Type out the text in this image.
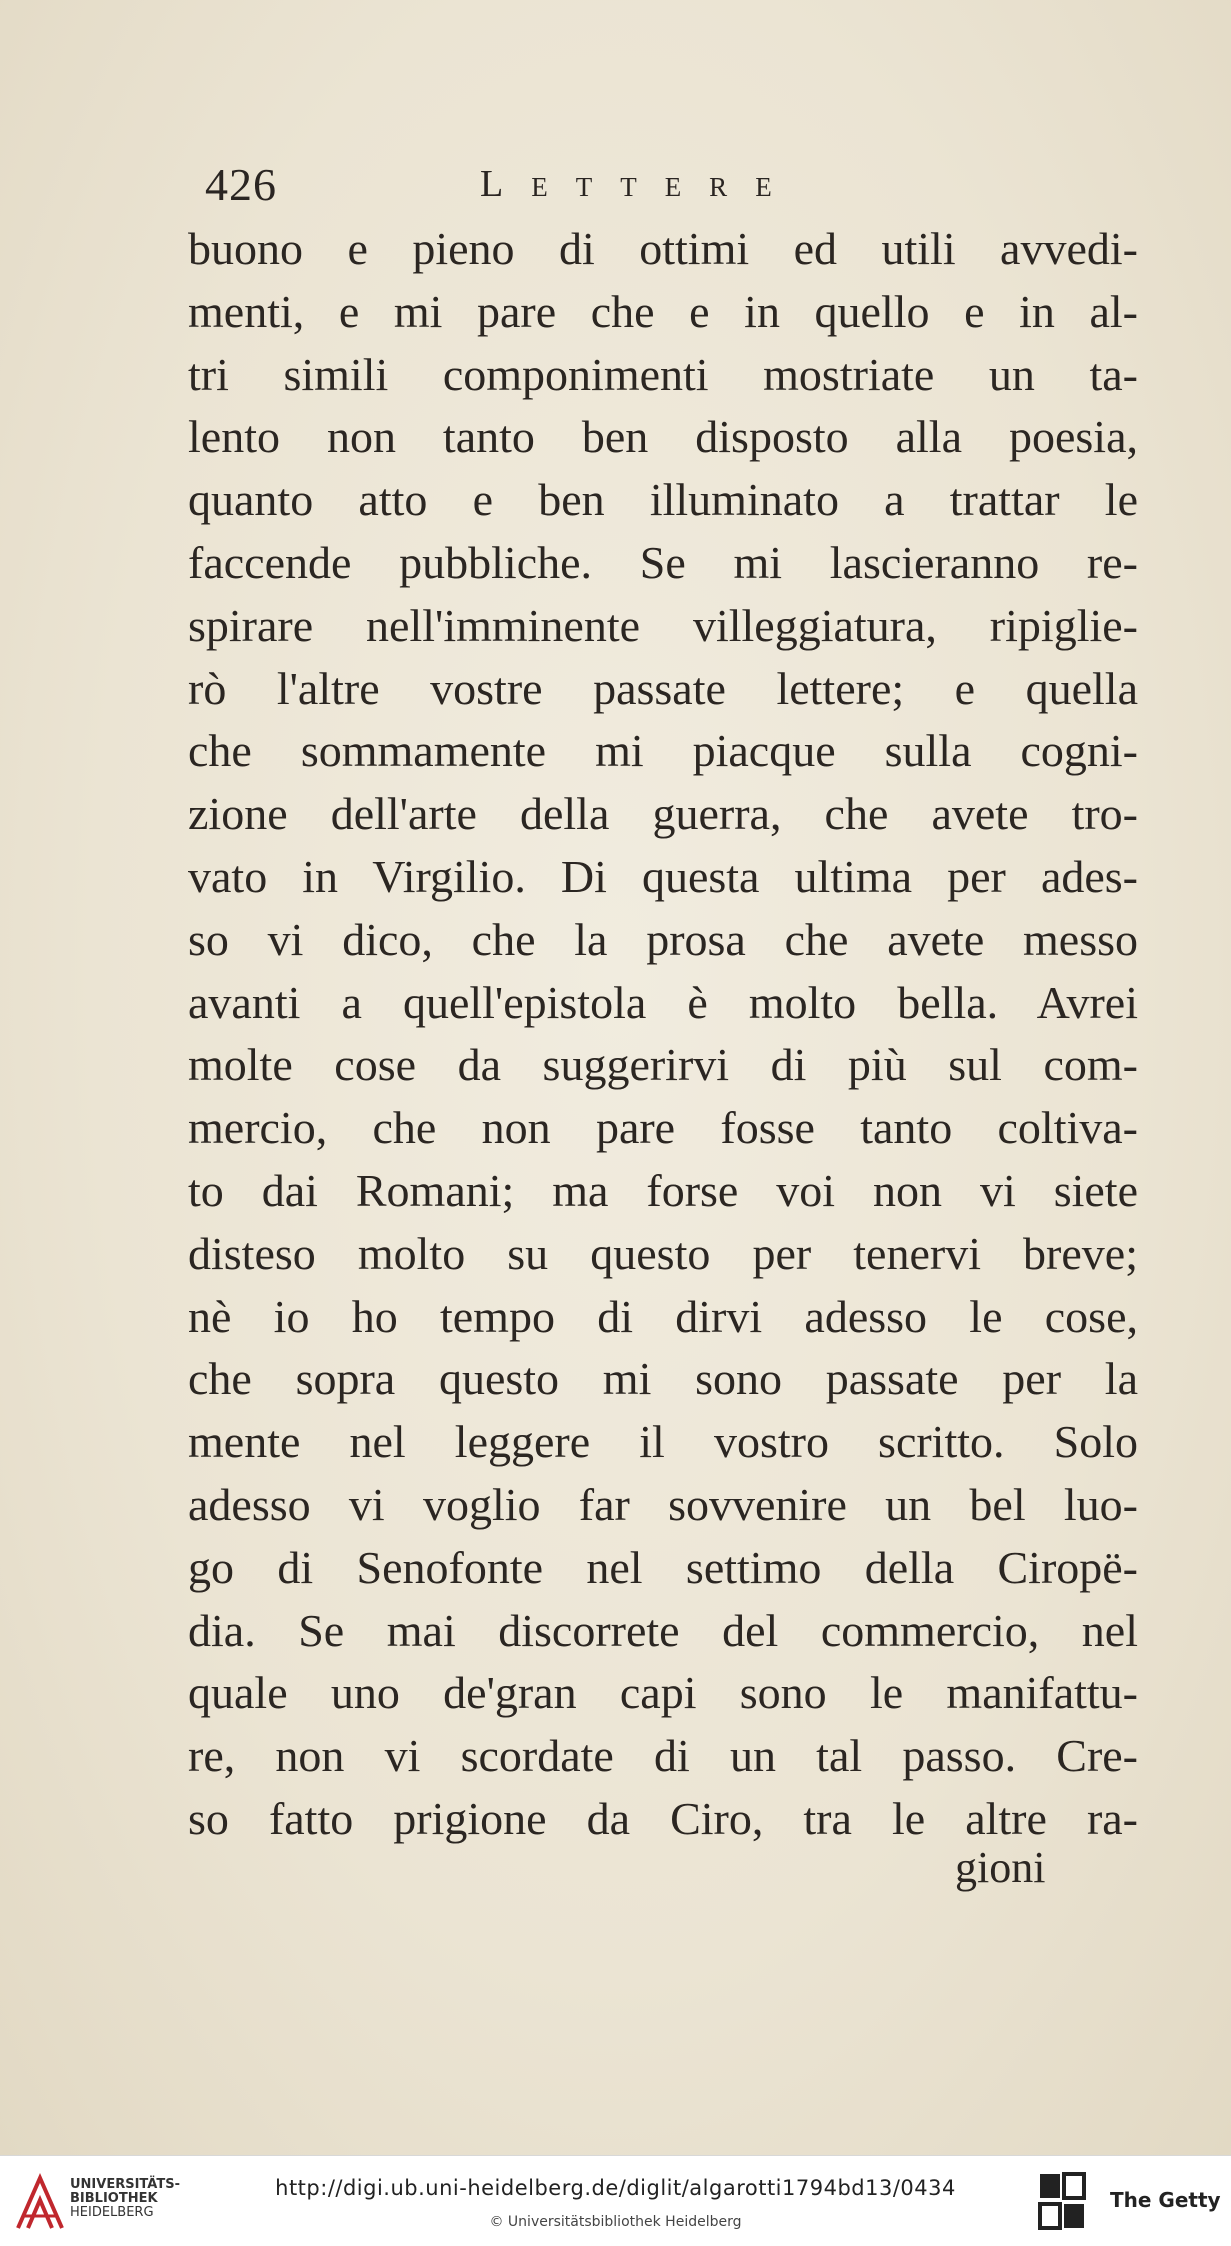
426	Lettere
buono e pieno di ottimi ed utili avvedi-
menti, e mi pare che e in quello e in al-
tri simili componimenti mostriate un ta-
lento non tanto ben disposto alla poesia,
quanto atto e ben illuminato a trattar le
faccende pubbliche. Se mi lascieranno re-
spirare nell'imminente villeggiatura, ripiglie-
rò l'altre vostre passate lettere; e quella
che sommamente mi piacque sulla cogni-
zione dell'arte della guerra, che avete tro-
vato in Virgilio. Di questa ultima per ades-
so vi dico, che la prosa che avete messo
avanti a quell'epistola è molto bella. Avrei
molte cose da suggerirvi di più sul com-
mercio, che non pare fosse tanto coltiva-
to dai Romani; ma forse voi non vi siete
disteso molto su questo per tenervi breve;
nè io ho tempo di dirvi adesso le cose,
che sopra questo mi sono passate per la
mente nel leggere il vostro scritto. Solo
adesso vi voglio far sovvenire un bel luo-
go di Senofonte nel settimo della Ciropë-
dia. Se mai discorrete del commercio, nel
quale uno de'gran capi sono le manifattu-
re, non vi scordate di un tal passo. Cre-
so fatto prigione da Ciro, tra le altre ra-
gioni
UNIVERSITÄTS-
BIBLIOTHEK
HEIDELBERG
http://digi.ub.uni-heidelberg.de/diglit/algarotti1794bd13/0434
© Universitätsbibliothek Heidelberg
The Getty
